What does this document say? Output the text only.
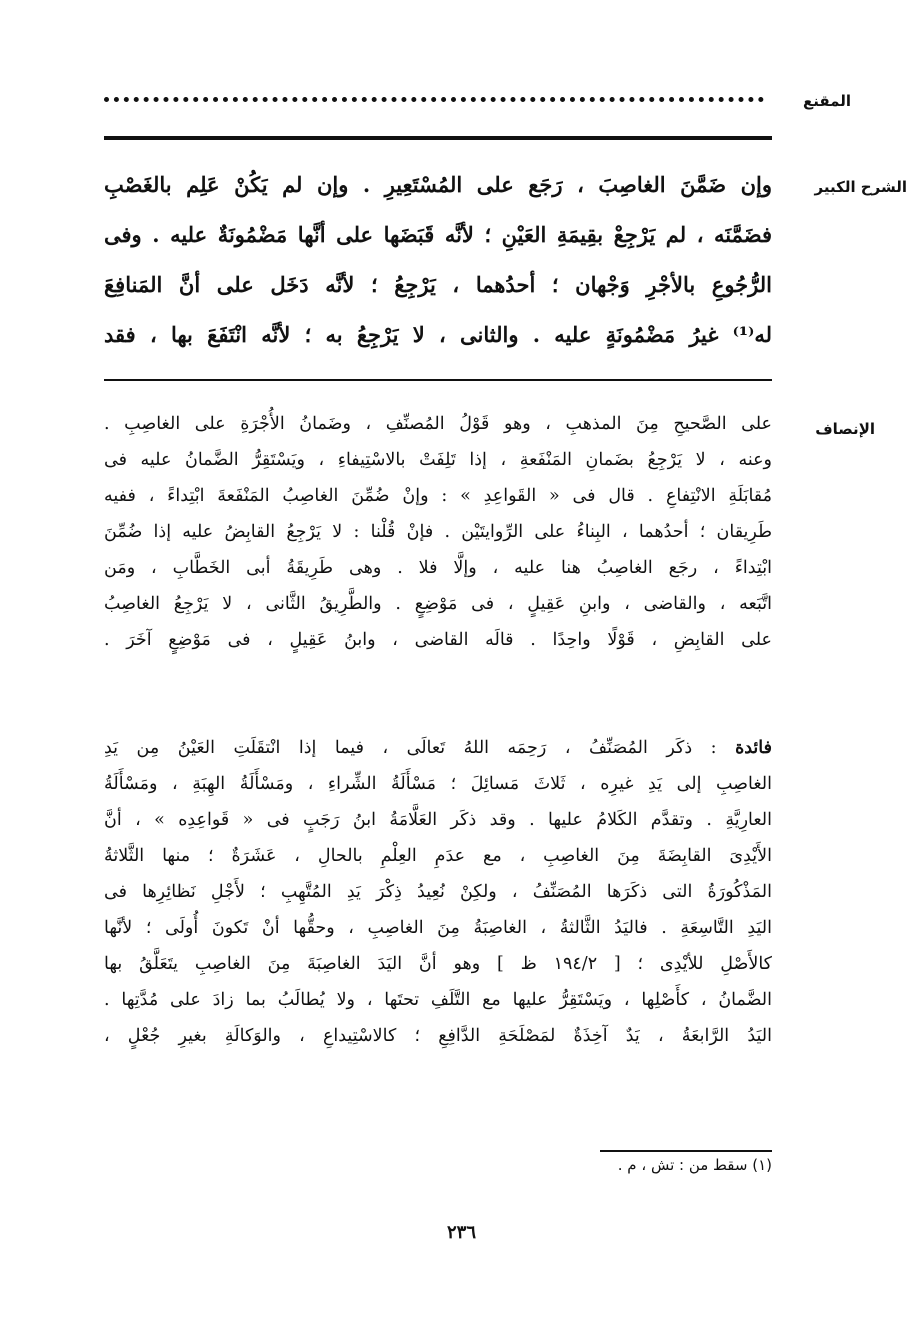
المقنع
الشرح الكبير
وإن ضَمَّنَ الغاصِبَ ، رَجَع على المُسْتَعِيرِ . وإن لم يَكُنْ عَلِم بالغَصْبِ
فضَمَّنَه ، لم يَرْجِعْ بقِيمَةِ العَيْنِ ؛ لأنَّه قَبَضَها على أنَّها مَضْمُونَةٌ عليه . وفى
الرُّجُوعِ بالأجْرِ وَجْهان ؛ أحدُهما ، يَرْجِعُ ؛ لأنَّه دَخَل على أنَّ المَنافِعَ
له⁽¹⁾ غيرُ مَضْمُونَةٍ عليه . والثانى ، لا يَرْجِعُ به ؛ لأنَّه انْتَفَعَ بها ، فقد
الإنصاف
على الصَّحيحِ مِنَ المذهبِ ، وهو قَوْلُ المُصنِّفِ ، وضَمانُ الأُجْرَةِ على الغاصِبِ .
وعنه ، لا يَرْجِعُ بضَمانِ المَنْفَعةِ ، إذا تَلِفَتْ بالاسْتِيفاءِ ، ويَسْتَقِرُّ الضَّمانُ عليه فى
مُقابَلَةِ الانْتِفاعِ . قال فى « القَواعِدِ » : وإنْ ضُمِّنَ الغاصِبُ المَنْفَعةَ ابْتِداءً ، ففيه
طَرِيقان ؛ أحدُهما ، البِناءُ على الرِّوايتَيْن . فإنْ قُلْنا : لا يَرْجِعُ القابِضُ عليه إذا ضُمِّنَ
ابْتِداءً ، رجَع الغاصِبُ هنا عليه ، وإلَّا فلا . وهى طَرِيقَةُ أبى الخَطَّابِ ، ومَن
اتَّبَعه ، والقاضى ، وابنِ عَقِيلٍ ، فى مَوْضِعٍ . والطَّرِيقُ الثَّانى ، لا يَرْجِعُ الغاصِبُ
على القابِضِ ، قَوْلًا واحِدًا . قالَه القاضى ، وابنُ عَقِيلٍ ، فى مَوْضِعٍ آخَرَ .
فائدة : ذكَر المُصَنِّفُ ، رَحِمَه اللهُ تَعالَى ، فيما إذا انْتقَلَتِ العَيْنُ مِن يَدِ
الغاصِبِ إلى يَدِ غيرِه ، ثَلاثَ مَسائِلَ ؛ مَسْأَلَةُ الشِّراءِ ، ومَسْأَلَةُ الهِبَةِ ، ومَسْأَلَةُ
العارِيَّةِ . وتقدَّم الكَلامُ عليها . وقد ذكَر العَلَّامَةُ ابنُ رَجَبٍ فى « قَواعِدِه » ، أنَّ
الأَيْدِىَ القابِضَةَ مِنَ الغاصِبِ ، مع عدَمِ العِلْمِ بالحالِ ، عَشَرَةٌ ؛ منها الثَّلاثةُ
المَذْكُورَةُ التى ذكَرَها المُصَنِّفُ ، ولكِنْ نُعِيدُ ذِكْرَ يَدِ المُتَّهِبِ ؛ لأَجْلِ نَظائِرِها فى
اليَدِ التَّاسِعَةِ . فاليَدُ الثَّالثةُ ، الغاصِبَةُ مِنَ الغاصِبِ ، وحقُّها أنْ تَكونَ أُولَى ؛ لأنَّها
كالأَصْلِ للأيْدِى ؛ [ ١٩٤/٢ ظ ] وهو أنَّ اليَدَ الغاصِبَةَ مِنَ الغاصِبِ يتَعَلَّقُ بها
الضَّمانُ ، كأَصْلِها ، ويَسْتَقِرُّ عليها مع التَّلَفِ تحتَها ، ولا يُطالَبُ بما زادَ على مُدَّتِها .
اليَدُ الرَّابعَةُ ، يَدٌ آخِذَةٌ لمَصْلَحَةِ الدَّافِعِ ؛ كالاسْتِيداعِ ، والوَكالَةِ بغيرِ جُعْلٍ ،
(١) سقط من : تش ، م .
٢٣٦
